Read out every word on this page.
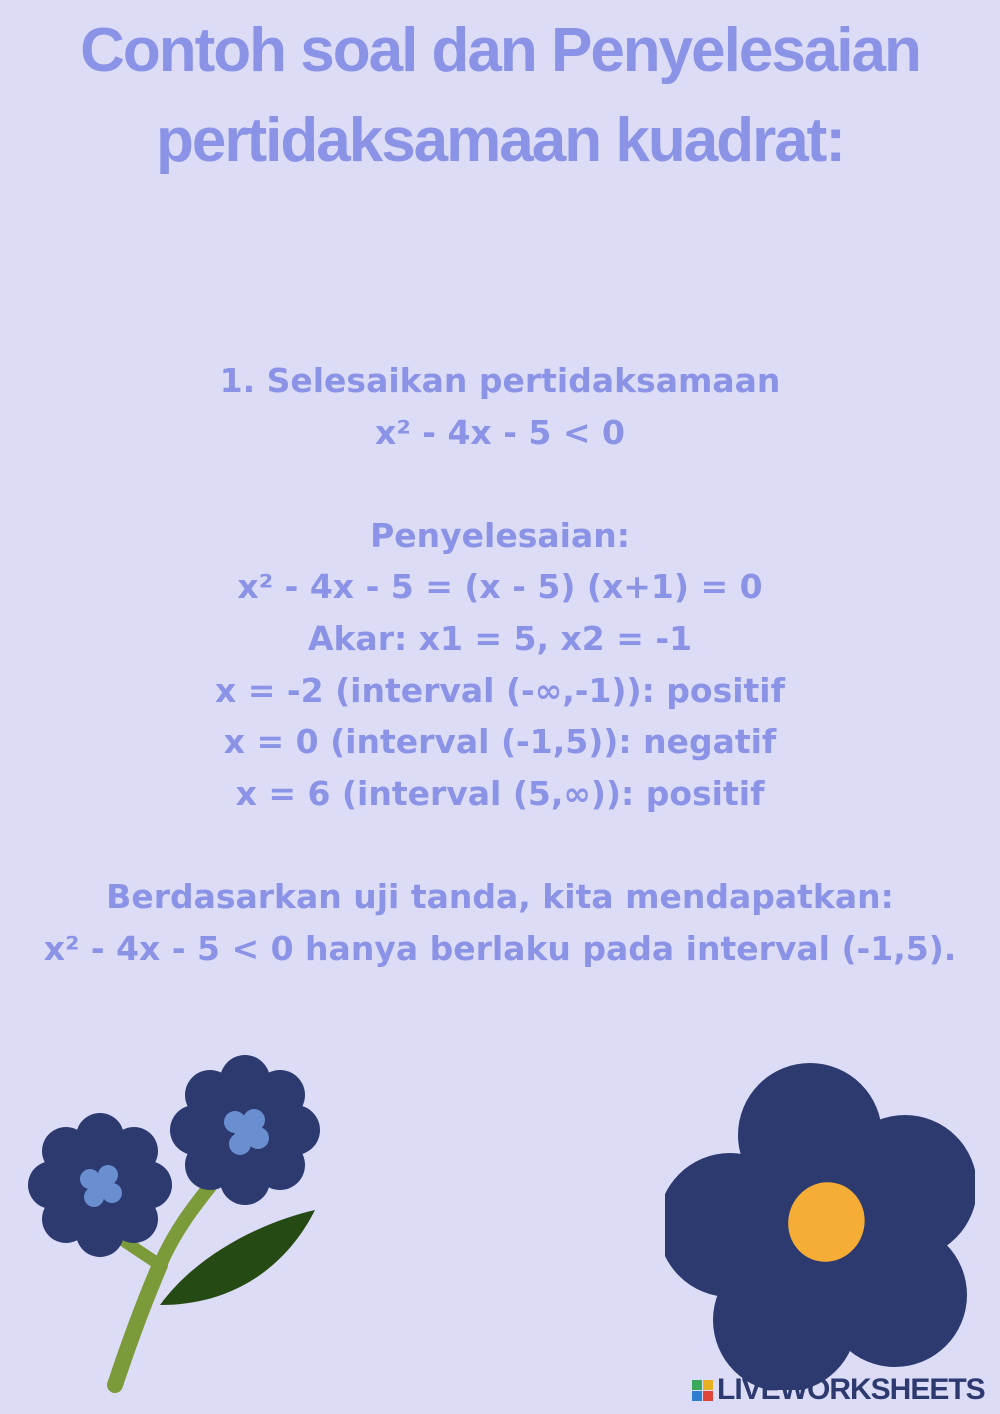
Contoh soal dan Penyelesaian
pertidaksamaan kuadrat:
1. Selesaikan pertidaksamaan
x² - 4x - 5 < 0
Penyelesaian:
x² - 4x - 5 = (x - 5) (x+1) = 0
Akar: x1 = 5, x2 = -1
x = -2 (interval (-∞,-1)): positif
x = 0 (interval (-1,5)): negatif
x = 6 (interval (5,∞)): positif
Berdasarkan uji tanda, kita mendapatkan:
x² - 4x - 5 < 0 hanya berlaku pada interval (-1,5).
LIVEWORKSHEETS
